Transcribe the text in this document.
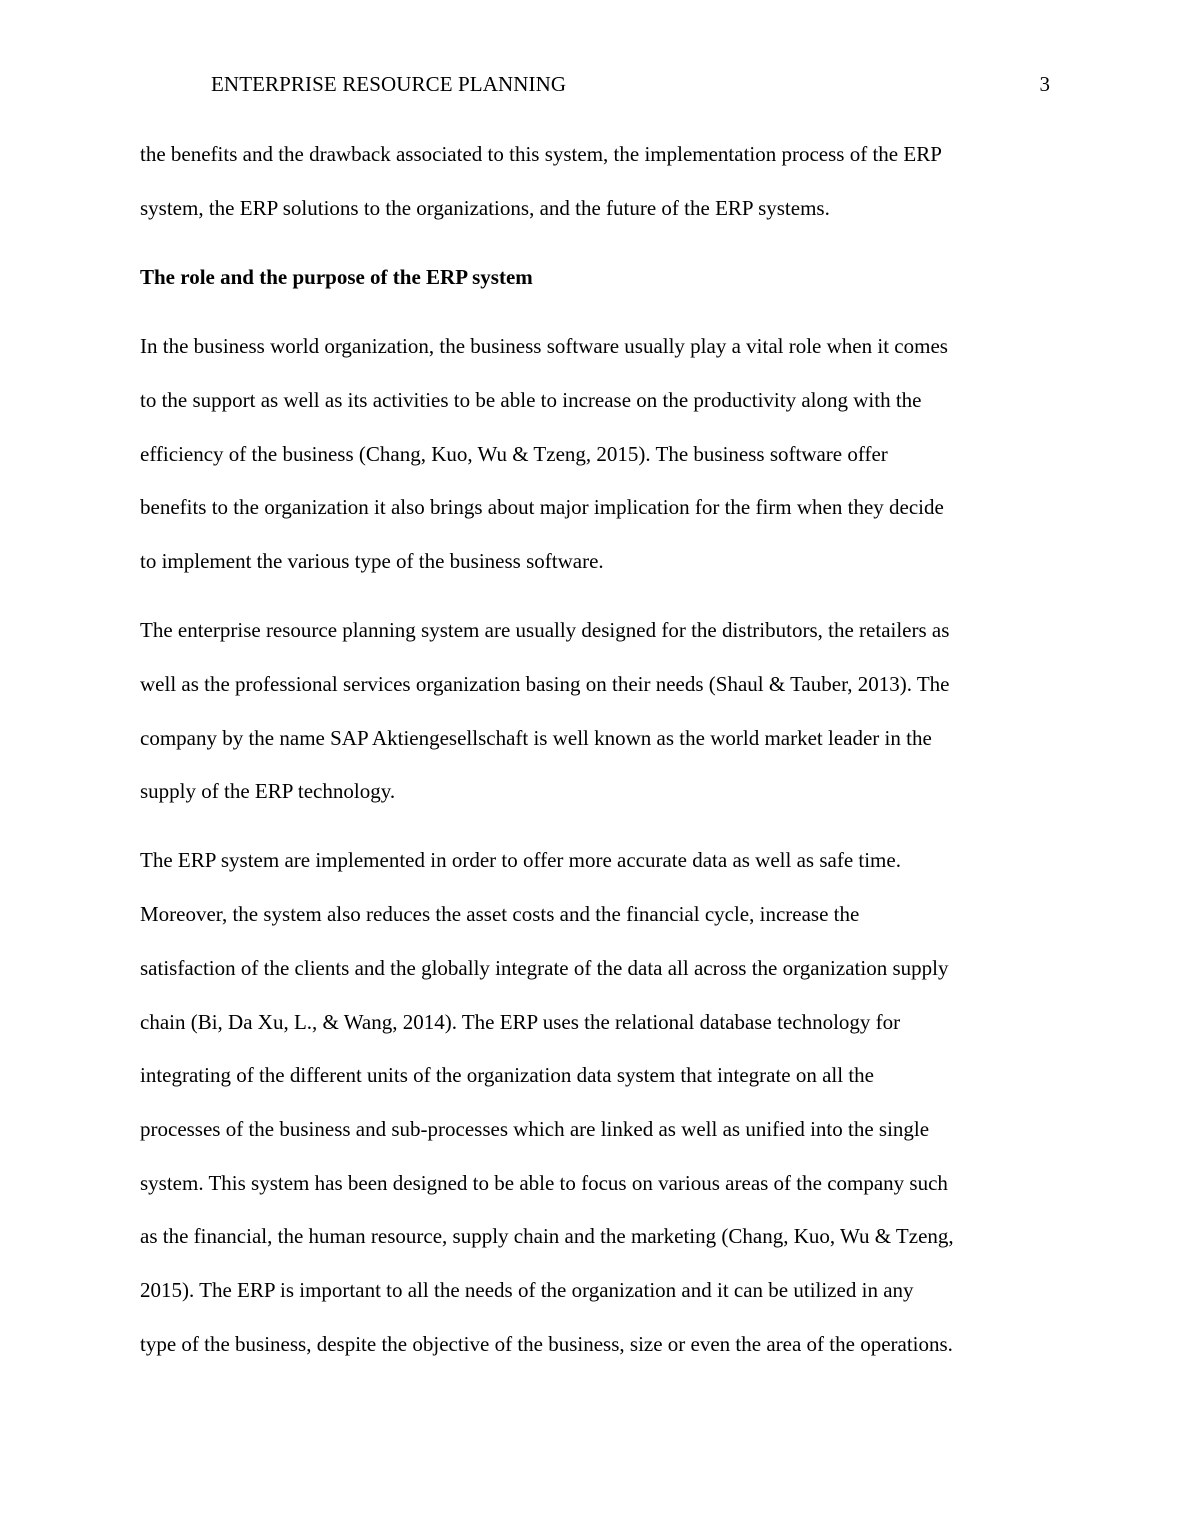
ENTERPRISE RESOURCE PLANNING	3
the benefits and the drawback associated to this system, the implementation process of the ERP
system, the ERP solutions to the organizations, and the future of the ERP systems.
The role and the purpose of the ERP system
In the business world organization, the business software usually play a vital role when it comes
to the support as well as its activities to be able to increase on the productivity along with the
efficiency of the business (Chang, Kuo, Wu & Tzeng, 2015). The business software offer
benefits to the organization it also brings about major implication for the firm when they decide
to implement the various type of the business software.
The enterprise resource planning system are usually designed for the distributors, the retailers as
well as the professional services organization basing on their needs (Shaul & Tauber, 2013). The
company by the name SAP Aktiengesellschaft is well known as the world market leader in the
supply of the ERP technology.
The ERP system are implemented in order to offer more accurate data as well as safe time.
Moreover, the system also reduces the asset costs and the financial cycle, increase the
satisfaction of the clients and the globally integrate of the data all across the organization supply
chain (Bi, Da Xu, L., & Wang, 2014). The ERP uses the relational database technology for
integrating of the different units of the organization data system that integrate on all the
processes of the business and sub-processes which are linked as well as unified into the single
system. This system has been designed to be able to focus on various areas of the company such
as the financial, the human resource, supply chain and the marketing (Chang, Kuo, Wu & Tzeng,
2015). The ERP is important to all the needs of the organization and it can be utilized in any
type of the business, despite the objective of the business, size or even the area of the operations.
